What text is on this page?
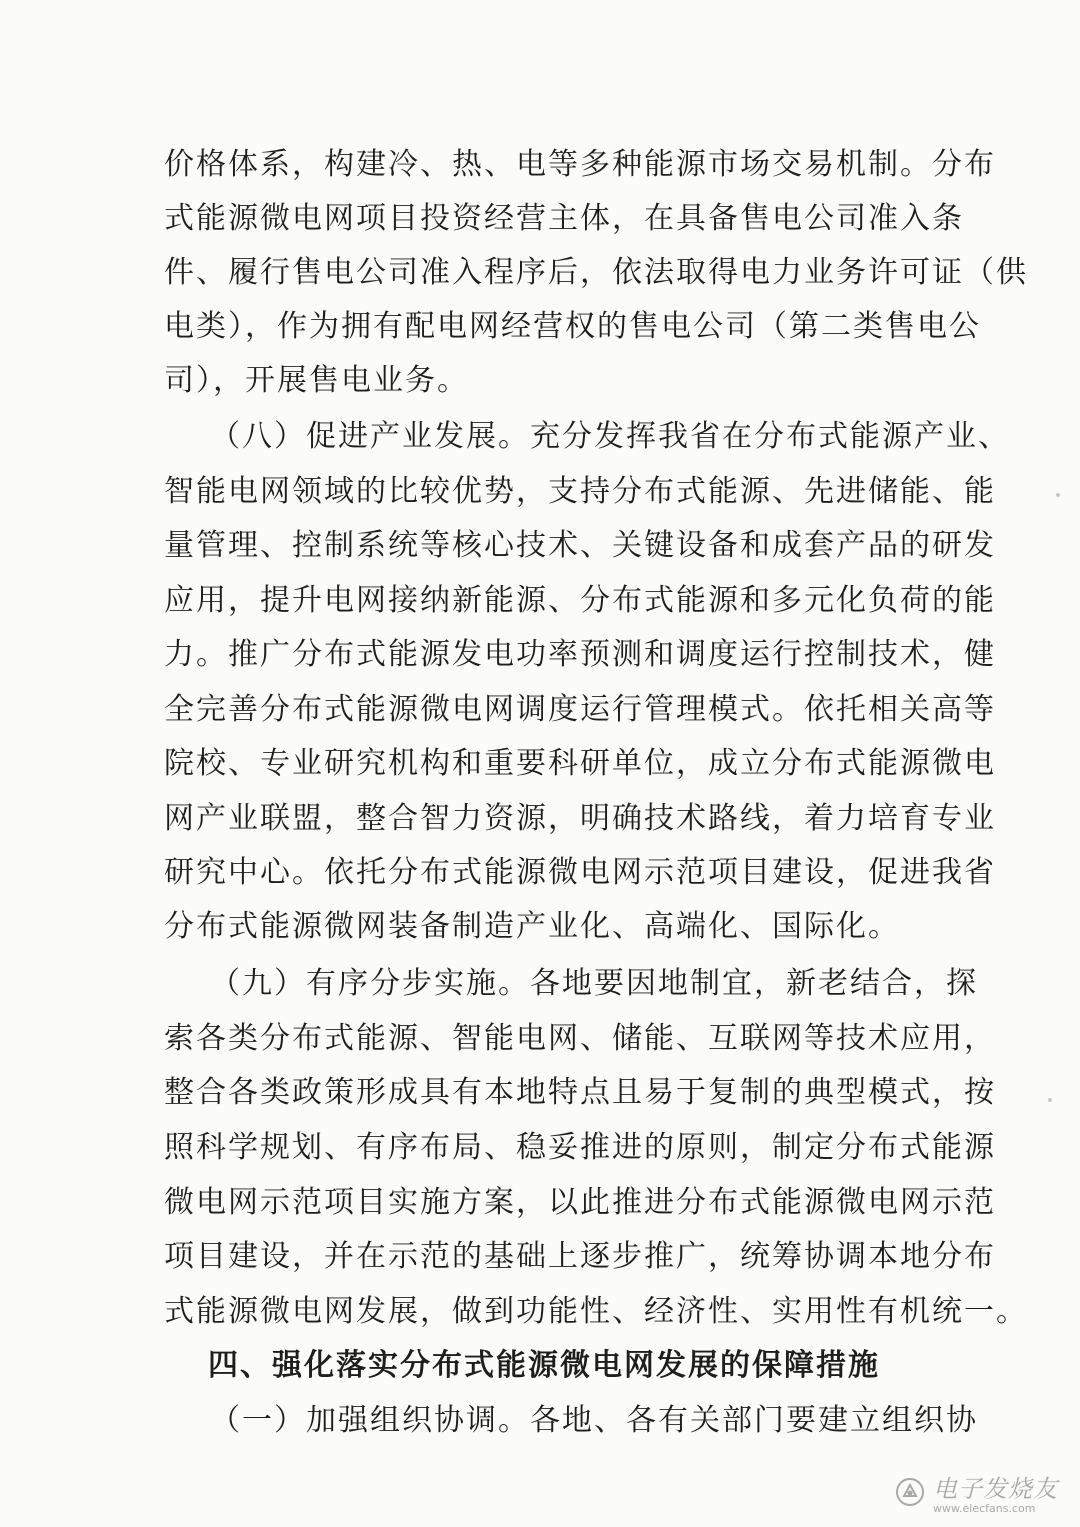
价格体系，构建冷、热、电等多种能源市场交易机制。分布
式能源微电网项目投资经营主体，在具备售电公司准入条
件、履行售电公司准入程序后，依法取得电力业务许可证（供
电类），作为拥有配电网经营权的售电公司（第二类售电公
司），开展售电业务。
（八）促进产业发展。充分发挥我省在分布式能源产业、
智能电网领域的比较优势，支持分布式能源、先进储能、能
量管理、控制系统等核心技术、关键设备和成套产品的研发
应用，提升电网接纳新能源、分布式能源和多元化负荷的能
力。推广分布式能源发电功率预测和调度运行控制技术，健
全完善分布式能源微电网调度运行管理模式。依托相关高等
院校、专业研究机构和重要科研单位，成立分布式能源微电
网产业联盟，整合智力资源，明确技术路线，着力培育专业
研究中心。依托分布式能源微电网示范项目建设，促进我省
分布式能源微网装备制造产业化、高端化、国际化。
（九）有序分步实施。各地要因地制宜，新老结合，探
索各类分布式能源、智能电网、储能、互联网等技术应用，
整合各类政策形成具有本地特点且易于复制的典型模式，按
照科学规划、有序布局、稳妥推进的原则，制定分布式能源
微电网示范项目实施方案，以此推进分布式能源微电网示范
项目建设，并在示范的基础上逐步推广，统筹协调本地分布
式能源微电网发展，做到功能性、经济性、实用性有机统一。
四、强化落实分布式能源微电网发展的保障措施
（一）加强组织协调。各地、各有关部门要建立组织协
电子发烧友
www.elecfans.com
